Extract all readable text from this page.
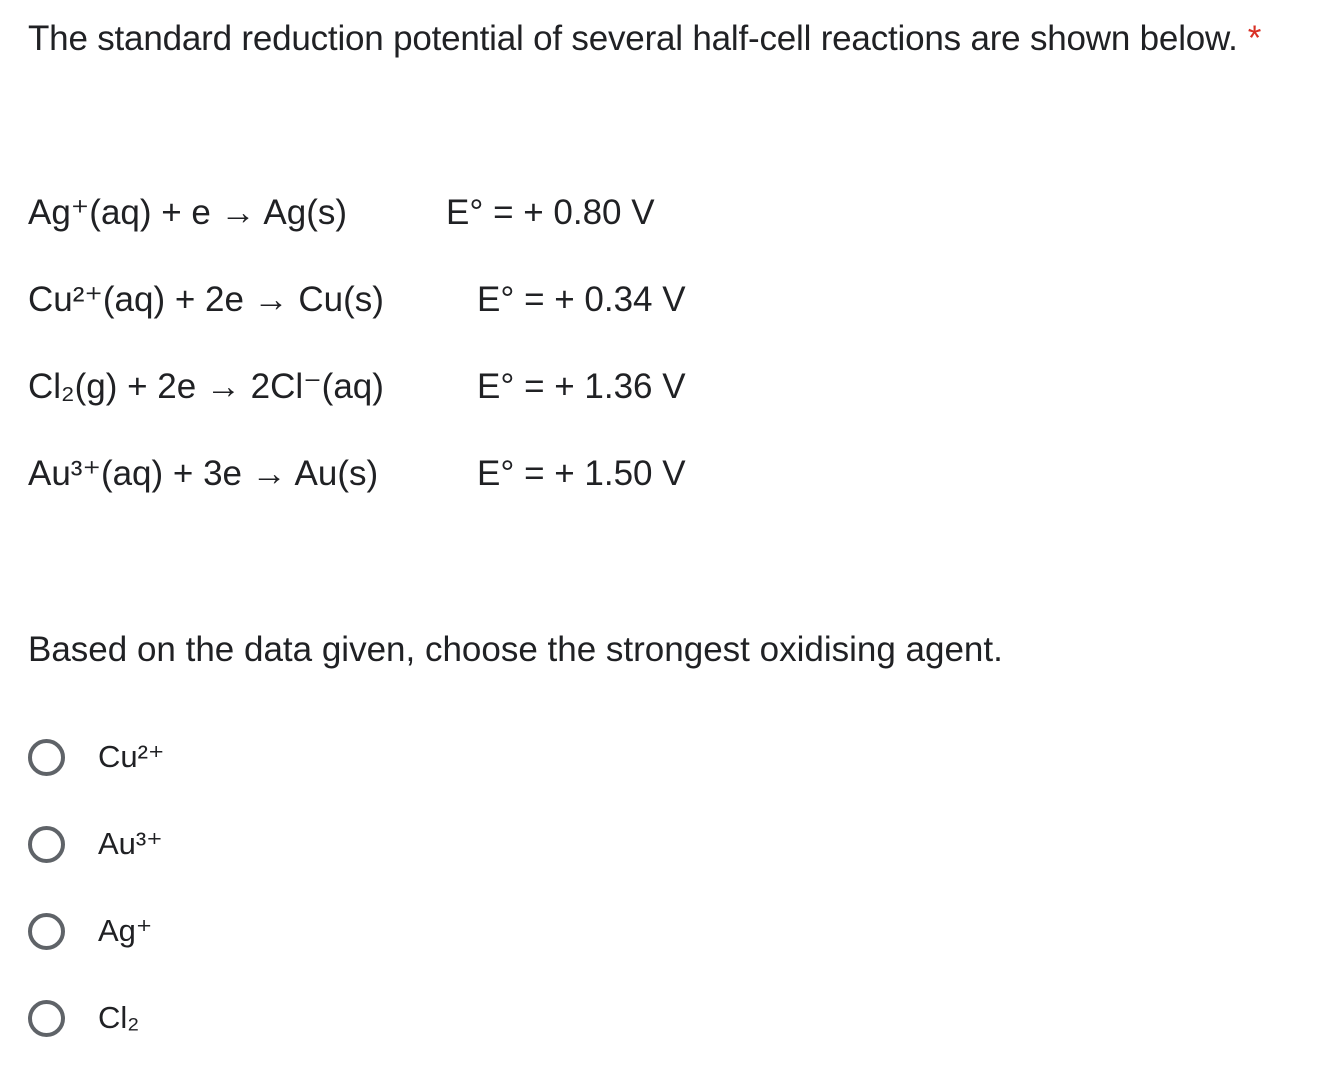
The standard reduction potential of several half-cell reactions are shown below. *
Ag⁺(aq) + e → Ag(s)	E° = + 0.80 V
Cu²⁺(aq) + 2e → Cu(s)	E° = + 0.34 V
Cl₂(g) + 2e → 2Cl⁻(aq)	E° = + 1.36 V
Au³⁺(aq) + 3e → Au(s)	E° = + 1.50 V
Based on the data given, choose the strongest oxidising agent.
Cu²⁺
Au³⁺
Ag⁺
Cl₂
